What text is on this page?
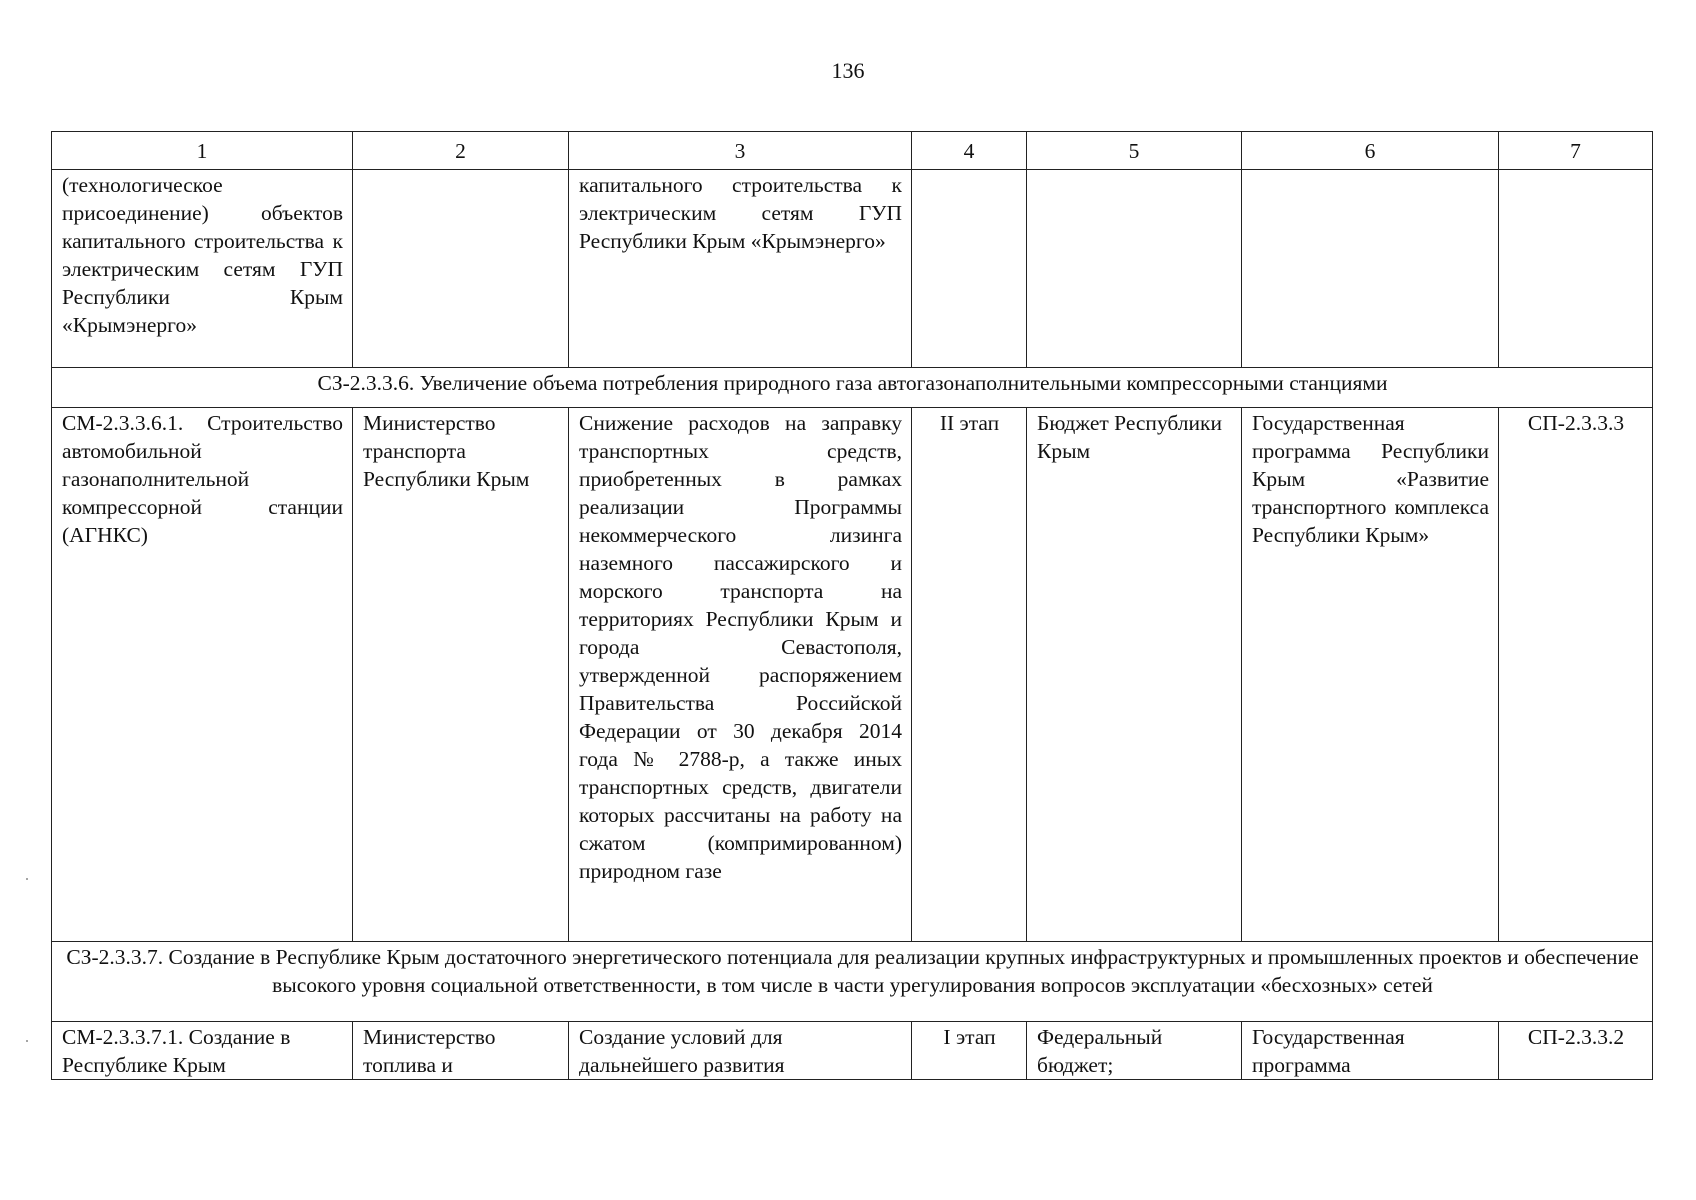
136
1	2	3	4	5	6	7
(технологическое присоединение) объектов капитального строительства к электрическим сетям ГУП Республики Крым «Крымэнерго»		капитального строительства к электрическим сетям ГУП Республики Крым «Крымэнерго»				
СЗ-2.3.3.6. Увеличение объема потребления природного газа автогазонаполнительными компрессорными станциями						
СМ-2.3.3.6.1. Строительство автомобильной газонаполнительной компрессорной станции (АГНКС)	Министерство транспорта Республики Крым	Снижение расходов на заправку транспортных средств, приобретенных в рамках реализации Программы некоммерческого лизинга наземного пассажирского и морского транспорта на территориях Республики Крым и города Севастополя, утвержденной распоряжением Правительства Российской Федерации от 30 декабря 2014 года № 2788-р, а также иных транспортных средств, двигатели которых рассчитаны на работу на сжатом (компримированном) природном газе	II этап	Бюджет Республики Крым	Государственная программа Республики Крым «Развитие транспортного комплекса Республики Крым»	СП-2.3.3.3
СЗ-2.3.3.7. Создание в Республике Крым достаточного энергетического потенциала для реализации крупных инфраструктурных и промышленных проектов и обеспечение высокого уровня социальной ответственности, в том числе в части урегулирования вопросов эксплуатации «бесхозных» сетей						
СМ-2.3.3.7.1. Создание в Республике Крым	Министерство топлива и	Создание условий для дальнейшего развития	I этап	Федеральный бюджет;	Государственная программа	СП-2.3.3.2
